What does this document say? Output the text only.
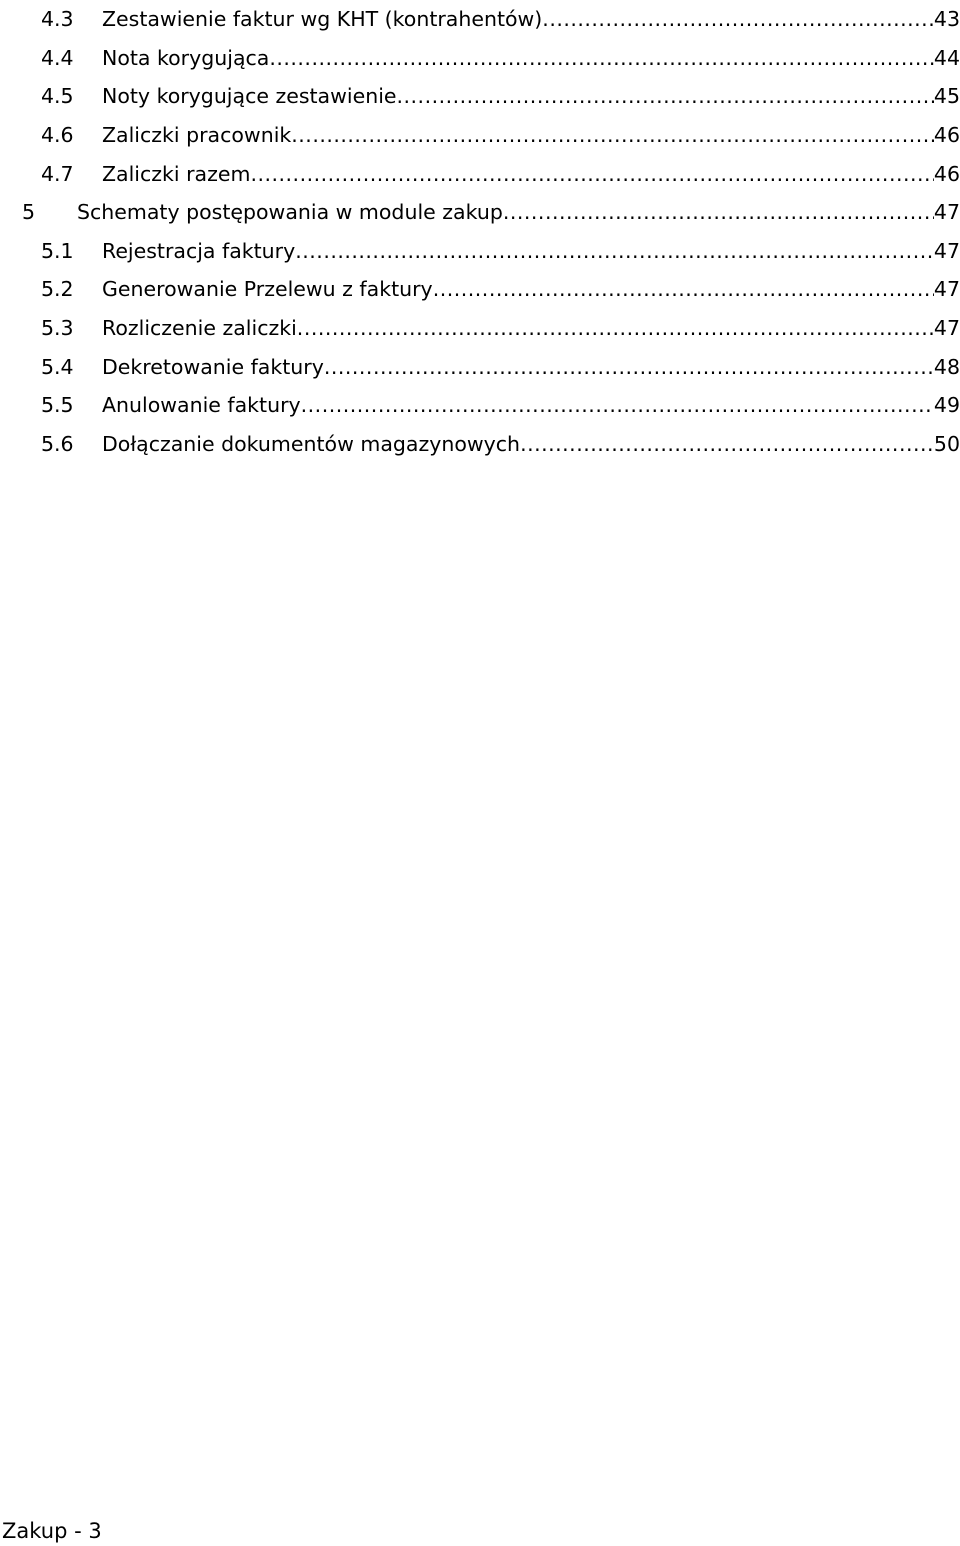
4.3 Zestawienie faktur wg KHT (kontrahentów) .....	43
4.4 Nota korygująca .....	44
4.5 Noty korygujące zestawienie .....	45
4.6 Zaliczki pracownik .....	46
4.7 Zaliczki razem .....	46
5 Schematy postępowania w module zakup .....	47
5.1 Rejestracja faktury .....	47
5.2 Generowanie Przelewu z faktury .....	47
5.3 Rozliczenie zaliczki .....	47
5.4 Dekretowanie faktury .....	48
5.5 Anulowanie faktury .....	49
5.6 Dołączanie dokumentów magazynowych .....	50
Zakup - 3
